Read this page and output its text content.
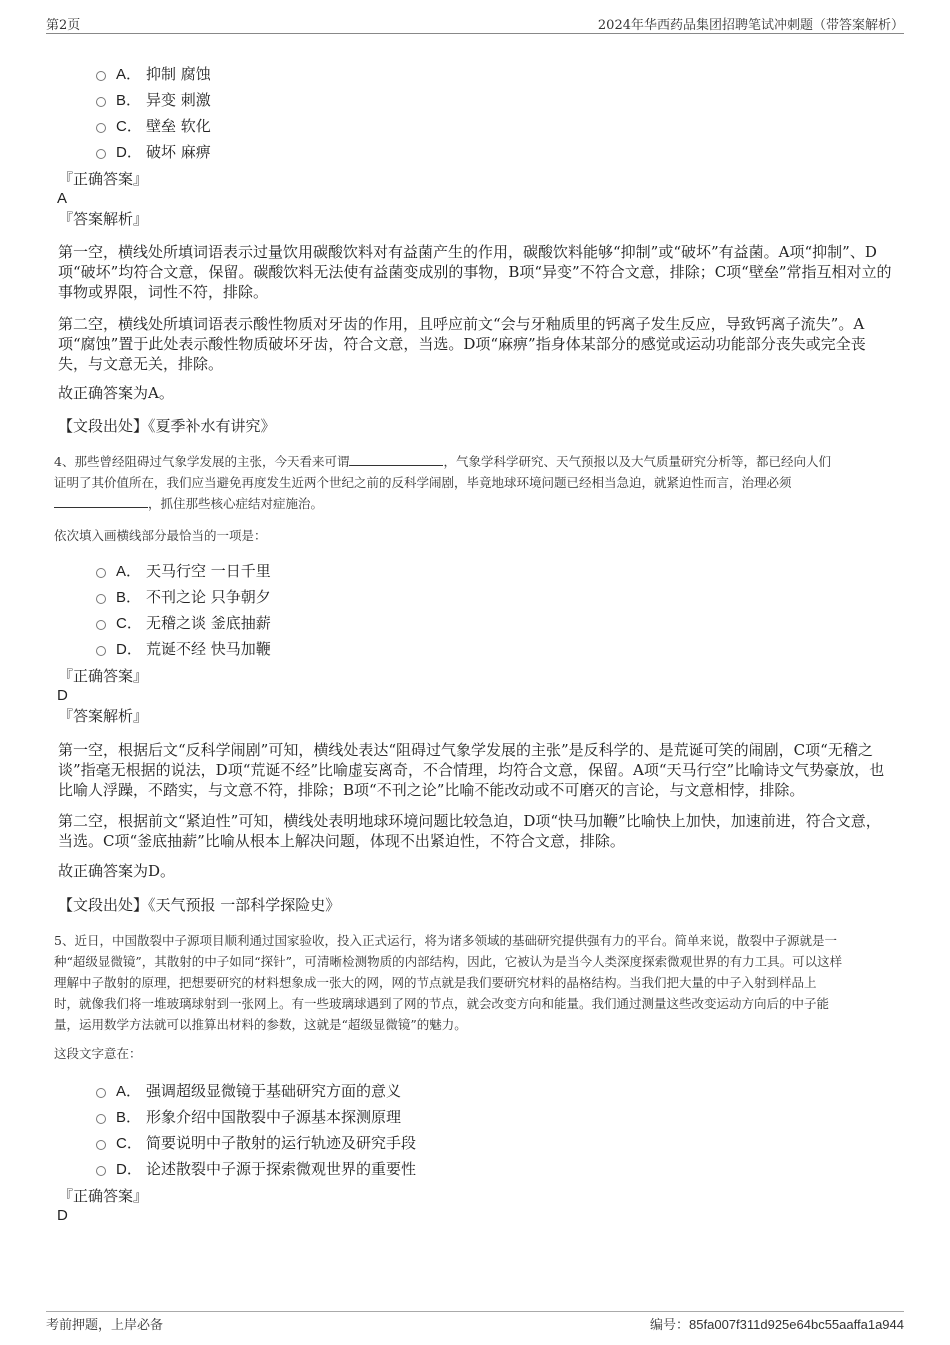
第2页	2024年华西药品集团招聘笔试冲刺题（带答案解析）
A． 抑制 腐蚀
B． 异变 刺激
C． 壁垒 软化
D． 破坏 麻痹
『正确答案』
A
『答案解析』
第一空，横线处所填词语表示过量饮用碳酸饮料对有益菌产生的作用，碳酸饮料能够“抑制”或“破坏”有益菌。A项“抑制”、D
项“破坏”均符合文意，保留。碳酸饮料无法使有益菌变成别的事物，B项“异变”不符合文意，排除；C项“壁垒”常指互相对立的
事物或界限，词性不符，排除。
第二空，横线处所填词语表示酸性物质对牙齿的作用，且呼应前文“会与牙釉质里的钙离子发生反应，导致钙离子流失”。A
项“腐蚀”置于此处表示酸性物质破坏牙齿，符合文意，当选。D项“麻痹”指身体某部分的感觉或运动功能部分丧失或完全丧
失，与文意无关，排除。
故正确答案为A。
【文段出处】《夏季补水有讲究》
4、那些曾经阻碍过气象学发展的主张，今天看来可谓	，气象学科学研究、天气预报以及大气质量研究分析等，都已经向人们
证明了其价值所在，我们应当避免再度发生近两个世纪之前的反科学闹剧，毕竟地球环境问题已经相当急迫，就紧迫性而言，治理必须
，抓住那些核心症结对症施治。
依次填入画横线部分最恰当的一项是：
A． 天马行空 一日千里
B． 不刊之论 只争朝夕
C． 无稽之谈 釜底抽薪
D． 荒诞不经 快马加鞭
『正确答案』
D
『答案解析』
第一空，根据后文“反科学闹剧”可知，横线处表达“阻碍过气象学发展的主张”是反科学的、是荒诞可笑的闹剧，C项“无稽之
谈”指毫无根据的说法，D项“荒诞不经”比喻虚妄离奇，不合情理，均符合文意，保留。A项“天马行空”比喻诗文气势豪放，也
比喻人浮躁，不踏实，与文意不符，排除；B项“不刊之论”比喻不能改动或不可磨灭的言论，与文意相悖，排除。
第二空，根据前文“紧迫性”可知，横线处表明地球环境问题比较急迫，D项“快马加鞭”比喻快上加快，加速前进，符合文意，
当选。C项“釜底抽薪”比喻从根本上解决问题，体现不出紧迫性，不符合文意，排除。
故正确答案为D。
【文段出处】《天气预报 一部科学探险史》
5、近日，中国散裂中子源项目顺利通过国家验收，投入正式运行，将为诸多领域的基础研究提供强有力的平台。简单来说，散裂中子源就是一
种“超级显微镜”，其散射的中子如同“探针”，可清晰检测物质的内部结构，因此，它被认为是当今人类深度探索微观世界的有力工具。可以这样
理解中子散射的原理，把想要研究的材料想象成一张大的网，网的节点就是我们要研究材料的晶格结构。当我们把大量的中子入射到样品上
时，就像我们将一堆玻璃球射到一张网上。有一些玻璃球遇到了网的节点，就会改变方向和能量。我们通过测量这些改变运动方向后的中子能
量，运用数学方法就可以推算出材料的参数，这就是“超级显微镜”的魅力。
这段文字意在：
A． 强调超级显微镜于基础研究方面的意义
B． 形象介绍中国散裂中子源基本探测原理
C． 简要说明中子散射的运行轨迹及研究手段
D． 论述散裂中子源于探索微观世界的重要性
『正确答案』
D
考前押题，上岸必备	编号：85fa007f311d925e64bc55aaffa1a944
